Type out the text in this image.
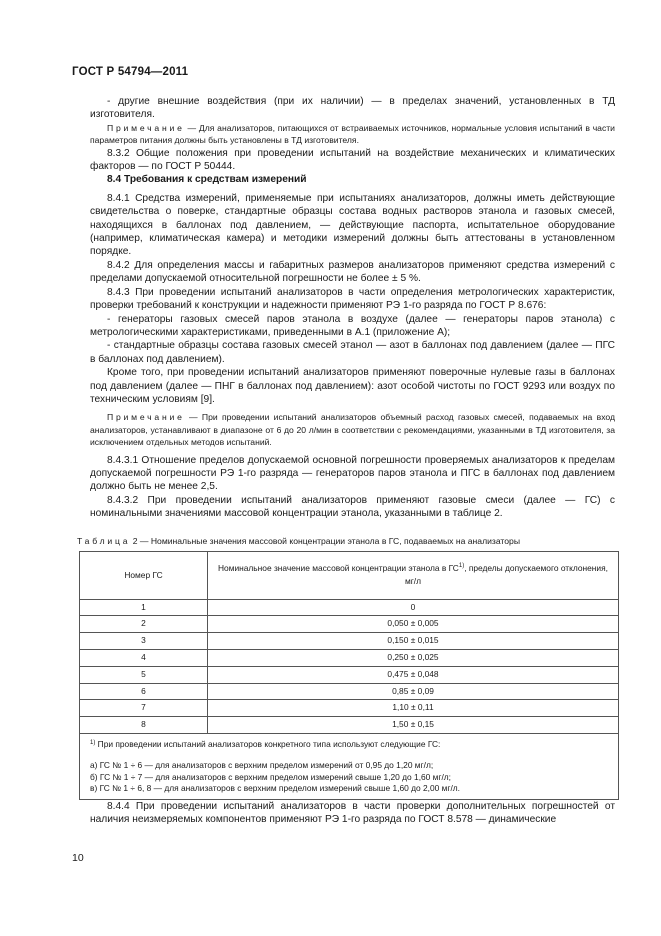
ГОСТ Р 54794—2011

- другие внешние воздействия (при их наличии) — в пределах значений, установленных в ТД изготовителя.

Примечание — Для анализаторов, питающихся от встраиваемых источников, нормальные условия испытаний в части параметров питания должны быть установлены в ТД изготовителя.

8.3.2 Общие положения при проведении испытаний на воздействие механических и климатических факторов — по ГОСТ Р 50444.

8.4 Требования к средствам измерений

8.4.1 Средства измерений, применяемые при испытаниях анализаторов, должны иметь действующие свидетельства о поверке, стандартные образцы состава водных растворов этанола и газовых смесей, находящихся в баллонах под давлением, — действующие паспорта, испытательное оборудование (например, климатическая камера) и методики измерений должны быть аттестованы в установленном порядке.

8.4.2 Для определения массы и габаритных размеров анализаторов применяют средства измерений с пределами допускаемой относительной погрешности не более ± 5 %.

8.4.3 При проведении испытаний анализаторов в части определения метрологических характеристик, проверки требований к конструкции и надежности применяют РЭ 1-го разряда по ГОСТ Р 8.676:

- генераторы газовых смесей паров этанола в воздухе (далее — генераторы паров этанола) с метрологическими характеристиками, приведенными в А.1 (приложение А);

- стандартные образцы состава газовых смесей этанол — азот в баллонах под давлением (далее — ПГС в баллонах под давлением).

Кроме того, при проведении испытаний анализаторов применяют поверочные нулевые газы в баллонах под давлением (далее — ПНГ в баллонах под давлением): азот особой чистоты по ГОСТ 9293 или воздух по техническим условиям [9].

Примечание — При проведении испытаний анализаторов объемный расход газовых смесей, подаваемых на вход анализаторов, устанавливают в диапазоне от 6 до 20 л/мин в соответствии с рекомендациями, указанными в ТД изготовителя, за исключением отдельных методов испытаний.

8.4.3.1 Отношение пределов допускаемой основной погрешности проверяемых анализаторов к пределам допускаемой погрешности РЭ 1-го разряда — генераторов паров этанола и ПГС в баллонах под давлением должно быть не менее 2,5.

8.4.3.2 При проведении испытаний анализаторов применяют газовые смеси (далее — ГС) с номинальными значениями массовой концентрации этанола, указанными в таблице 2.

Таблица 2 — Номинальные значения массовой концентрации этанола в ГС, подаваемых на анализаторы
Номер ГС	Номинальное значение массовой концентрации этанола в ГС$^{1)}$, пределы допускаемого отклонения, мг/л
1	0
2	0,050 ± 0,005
3	0,150 ± 0,015
4	0,250 ± 0,025
5	0,475 ± 0,048
6	0,85 ± 0,09
7	1,10 ± 0,11
8	1,50 ± 0,15

$^{1)}$ При проведении испытаний анализаторов конкретного типа используют следующие ГС:
а) ГС № 1 ÷ 6 — для анализаторов с верхним пределом измерений от 0,95 до 1,20 мг/л;
б) ГС № 1 ÷ 7 — для анализаторов с верхним пределом измерений свыше 1,20 до 1,60 мг/л;
в) ГС № 1 ÷ 6, 8 — для анализаторов с верхним пределом измерений свыше 1,60 до 2,00 мг/л.	

8.4.4 При проведении испытаний анализаторов в части проверки дополнительных погрешностей от наличия неизмеряемых компонентов применяют РЭ 1-го разряда по ГОСТ 8.578 — динамические

10
